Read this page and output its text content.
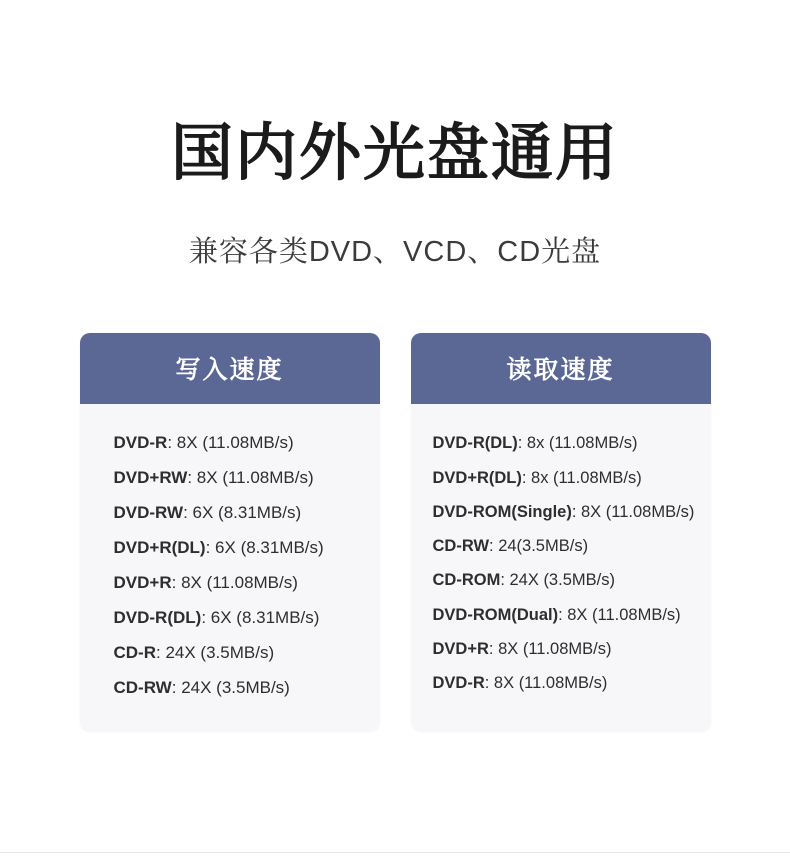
国内外光盘通用
兼容各类DVD、VCD、CD光盘
写入速度
DVD-R: 8X (11.08MB/s)
DVD+RW: 8X (11.08MB/s)
DVD-RW: 6X (8.31MB/s)
DVD+R(DL): 6X (8.31MB/s)
DVD+R: 8X (11.08MB/s)
DVD-R(DL): 6X (8.31MB/s)
CD-R: 24X (3.5MB/s)
CD-RW: 24X (3.5MB/s)
读取速度
DVD-R(DL): 8x (11.08MB/s)
DVD+R(DL): 8x (11.08MB/s)
DVD-ROM(Single): 8X (11.08MB/s)
CD-RW: 24(3.5MB/s)
CD-ROM: 24X (3.5MB/s)
DVD-ROM(Dual): 8X (11.08MB/s)
DVD+R: 8X (11.08MB/s)
DVD-R: 8X (11.08MB/s)
